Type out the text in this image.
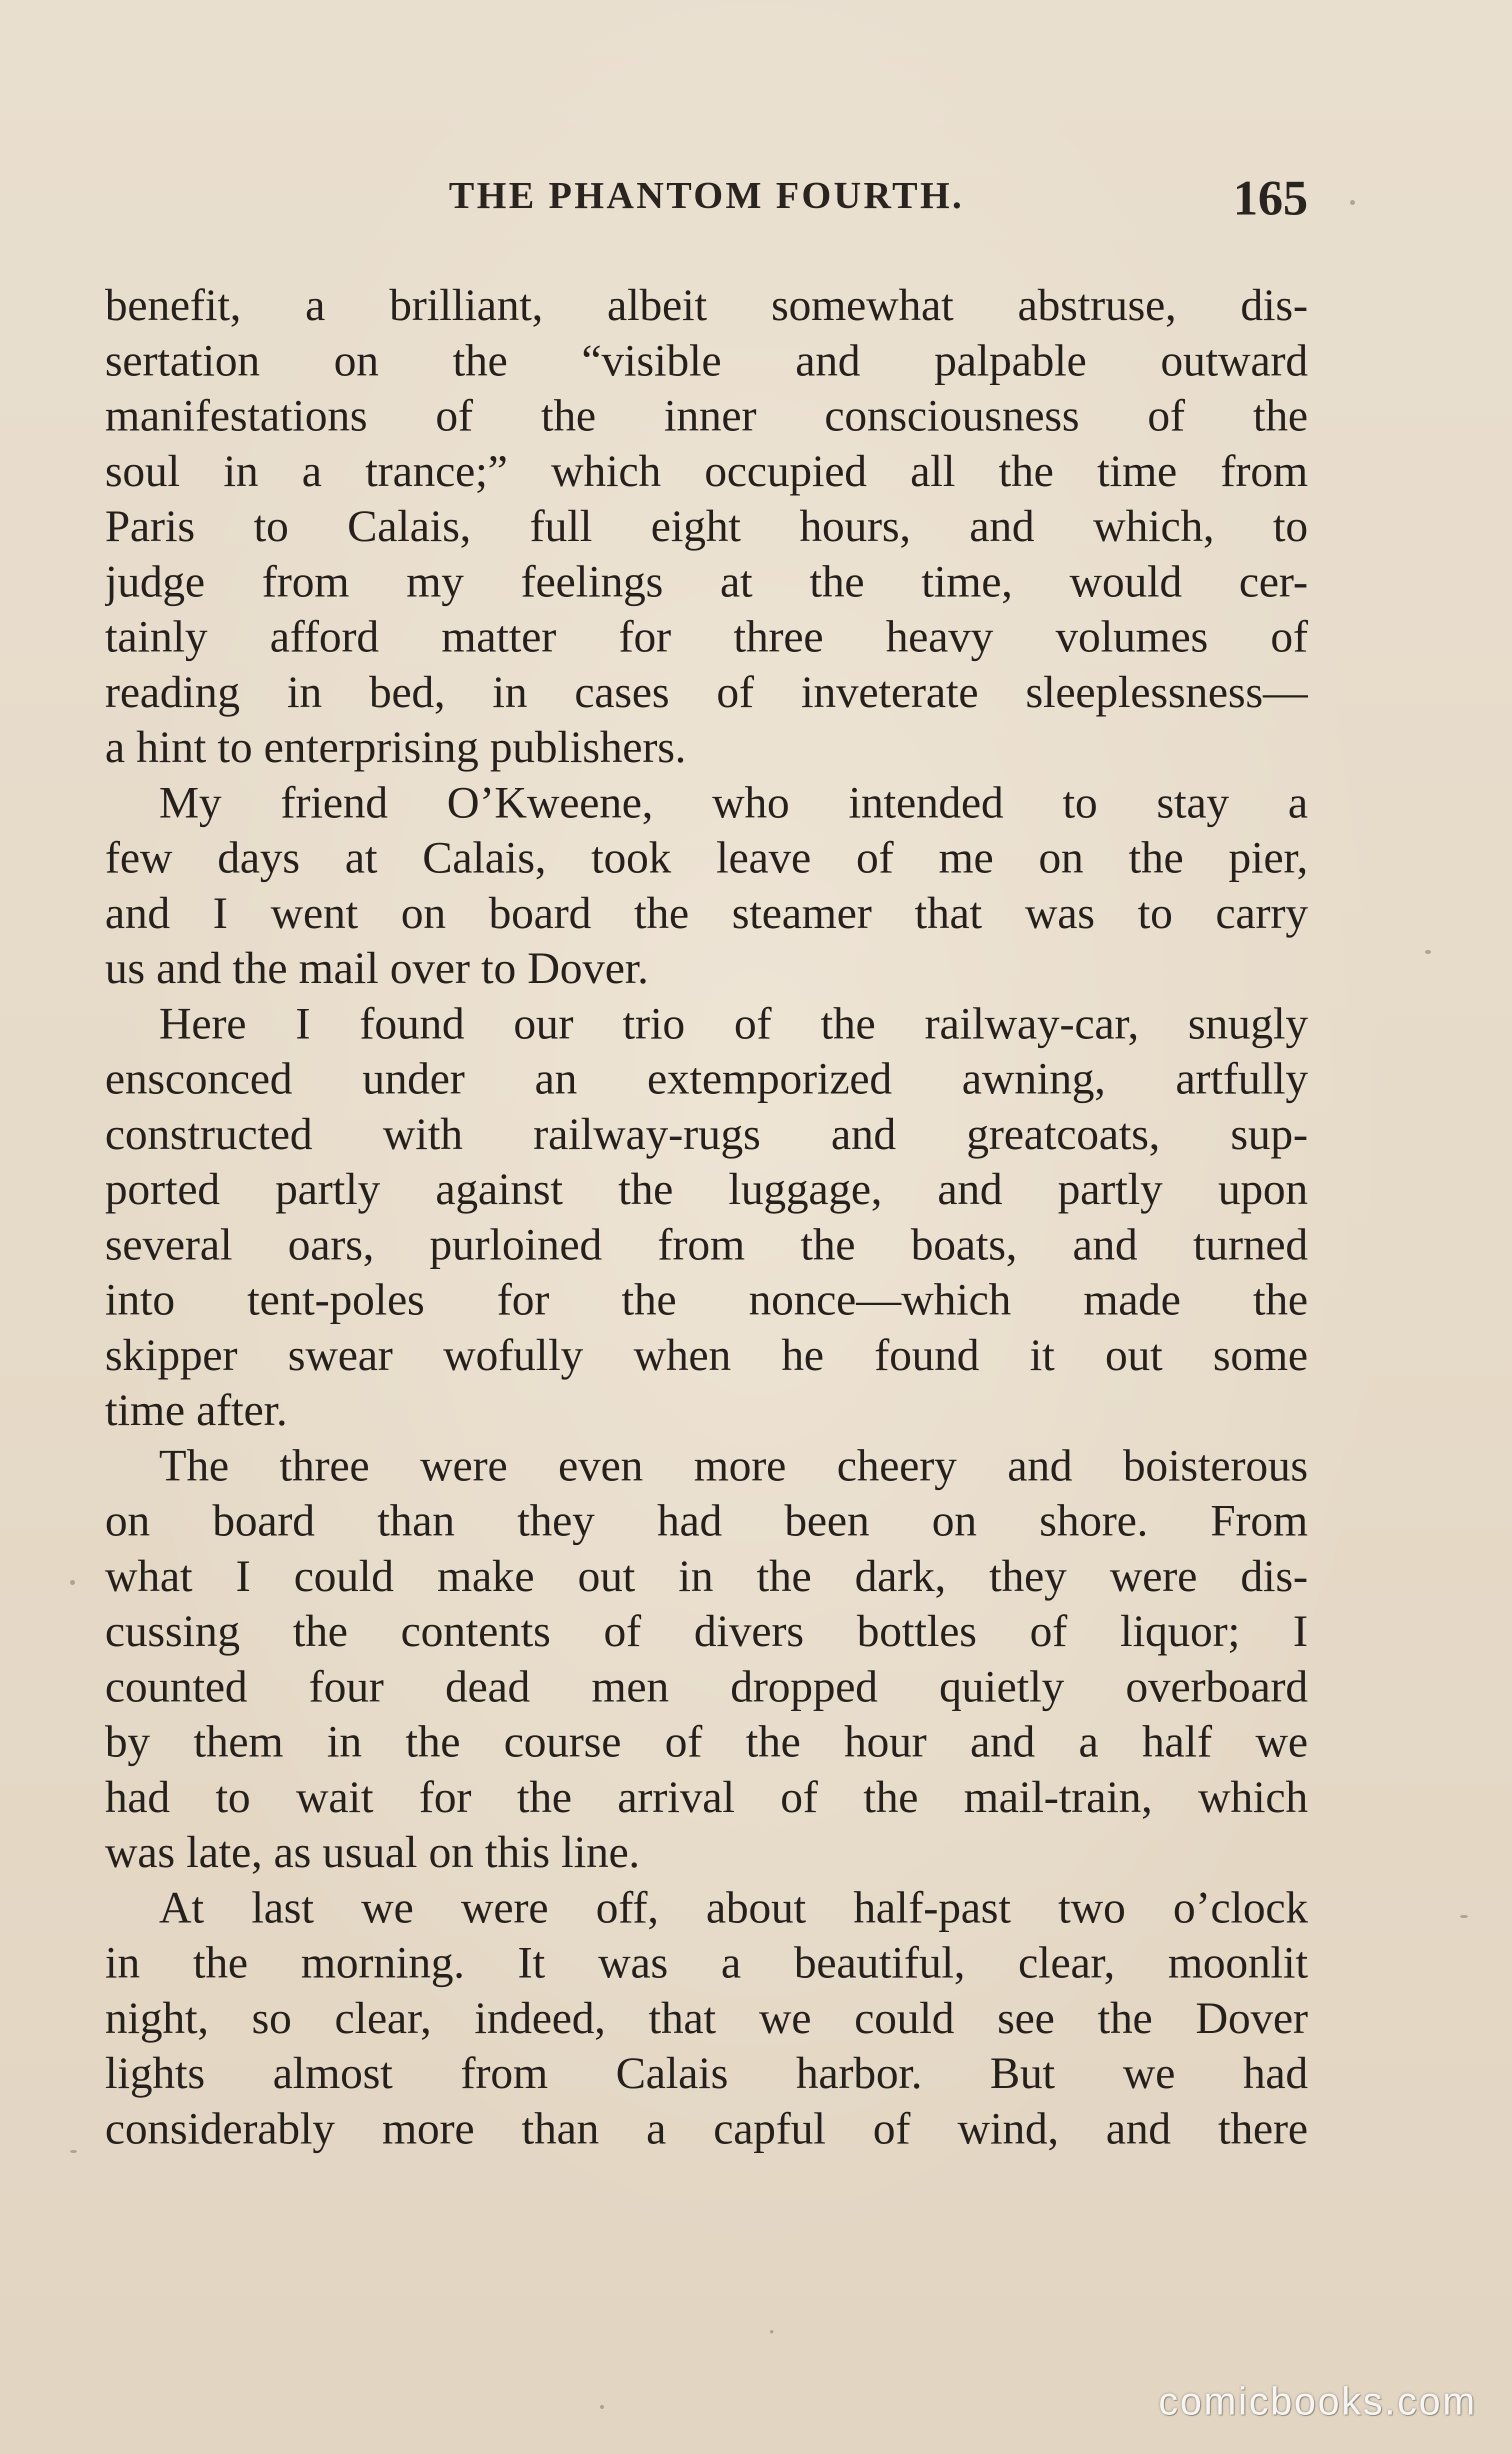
THE PHANTOM FOURTH.	165

benefit, a brilliant, albeit somewhat abstruse, dis-
sertation on the “visible and palpable outward
manifestations of the inner consciousness of the
soul in a trance;” which occupied all the time from
Paris to Calais, full eight hours, and which, to
judge from my feelings at the time, would cer-
tainly afford matter for three heavy volumes of
reading in bed, in cases of inveterate sleeplessness—
a hint to enterprising publishers.

My friend O’Kweene, who intended to stay a
few days at Calais, took leave of me on the pier,
and I went on board the steamer that was to carry
us and the mail over to Dover.

Here I found our trio of the railway-car, snugly
ensconced under an extemporized awning, artfully
constructed with railway-rugs and greatcoats, sup-
ported partly against the luggage, and partly upon
several oars, purloined from the boats, and turned
into tent-poles for the nonce—which made the
skipper swear wofully when he found it out some
time after.

The three were even more cheery and boisterous
on board than they had been on shore. From
what I could make out in the dark, they were dis-
cussing the contents of divers bottles of liquor; I
counted four dead men dropped quietly overboard
by them in the course of the hour and a half we
had to wait for the arrival of the mail-train, which
was late, as usual on this line.

At last we were off, about half-past two o’clock
in the morning. It was a beautiful, clear, moonlit
night, so clear, indeed, that we could see the Dover
lights almost from Calais harbor. But we had
considerably more than a capful of wind, and there

comicbooks.com
